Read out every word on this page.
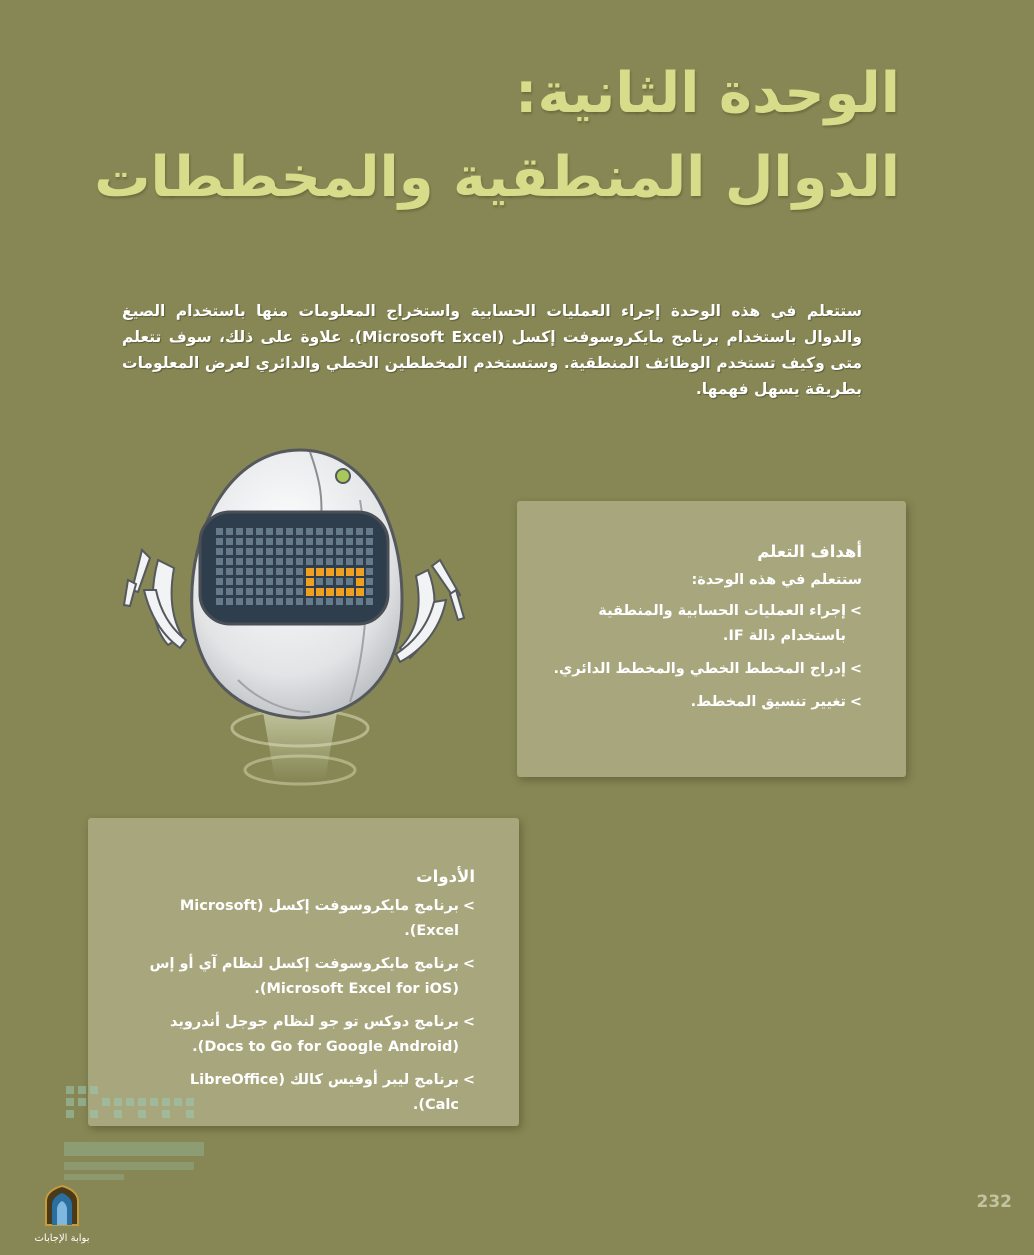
الوحدة الثانية:
الدوال المنطقية والمخططات
ستتعلم في هذه الوحدة إجراء العمليات الحسابية واستخراج المعلومات منها باستخدام الصيغ والدوال باستخدام برنامج مايكروسوفت إكسل (Microsoft Excel). علاوة على ذلك، سوف تتعلم متى وكيف تستخدم الوظائف المنطقية. وستستخدم المخططين الخطي والدائري لعرض المعلومات بطريقة يسهل فهمها.
أهداف التعلم
ستتعلم في هذه الوحدة:
>
إجراء العمليات الحسابية والمنطقية باستخدام دالة IF.
>
إدراج المخطط الخطي والمخطط الدائري.
>
تغيير تنسيق المخطط.
الأدوات
>
برنامج مايكروسوفت إكسل (Microsoft Excel).
>
برنامج مايكروسوفت إكسل لنظام آي أو إس (Microsoft Excel for iOS).
>
برنامج دوكس تو جو لنظام جوجل أندرويد (Docs to Go for Google Android).
>
برنامج ليبر أوفيس كالك (LibreOffice Calc).
بوابة الإجابات
232
